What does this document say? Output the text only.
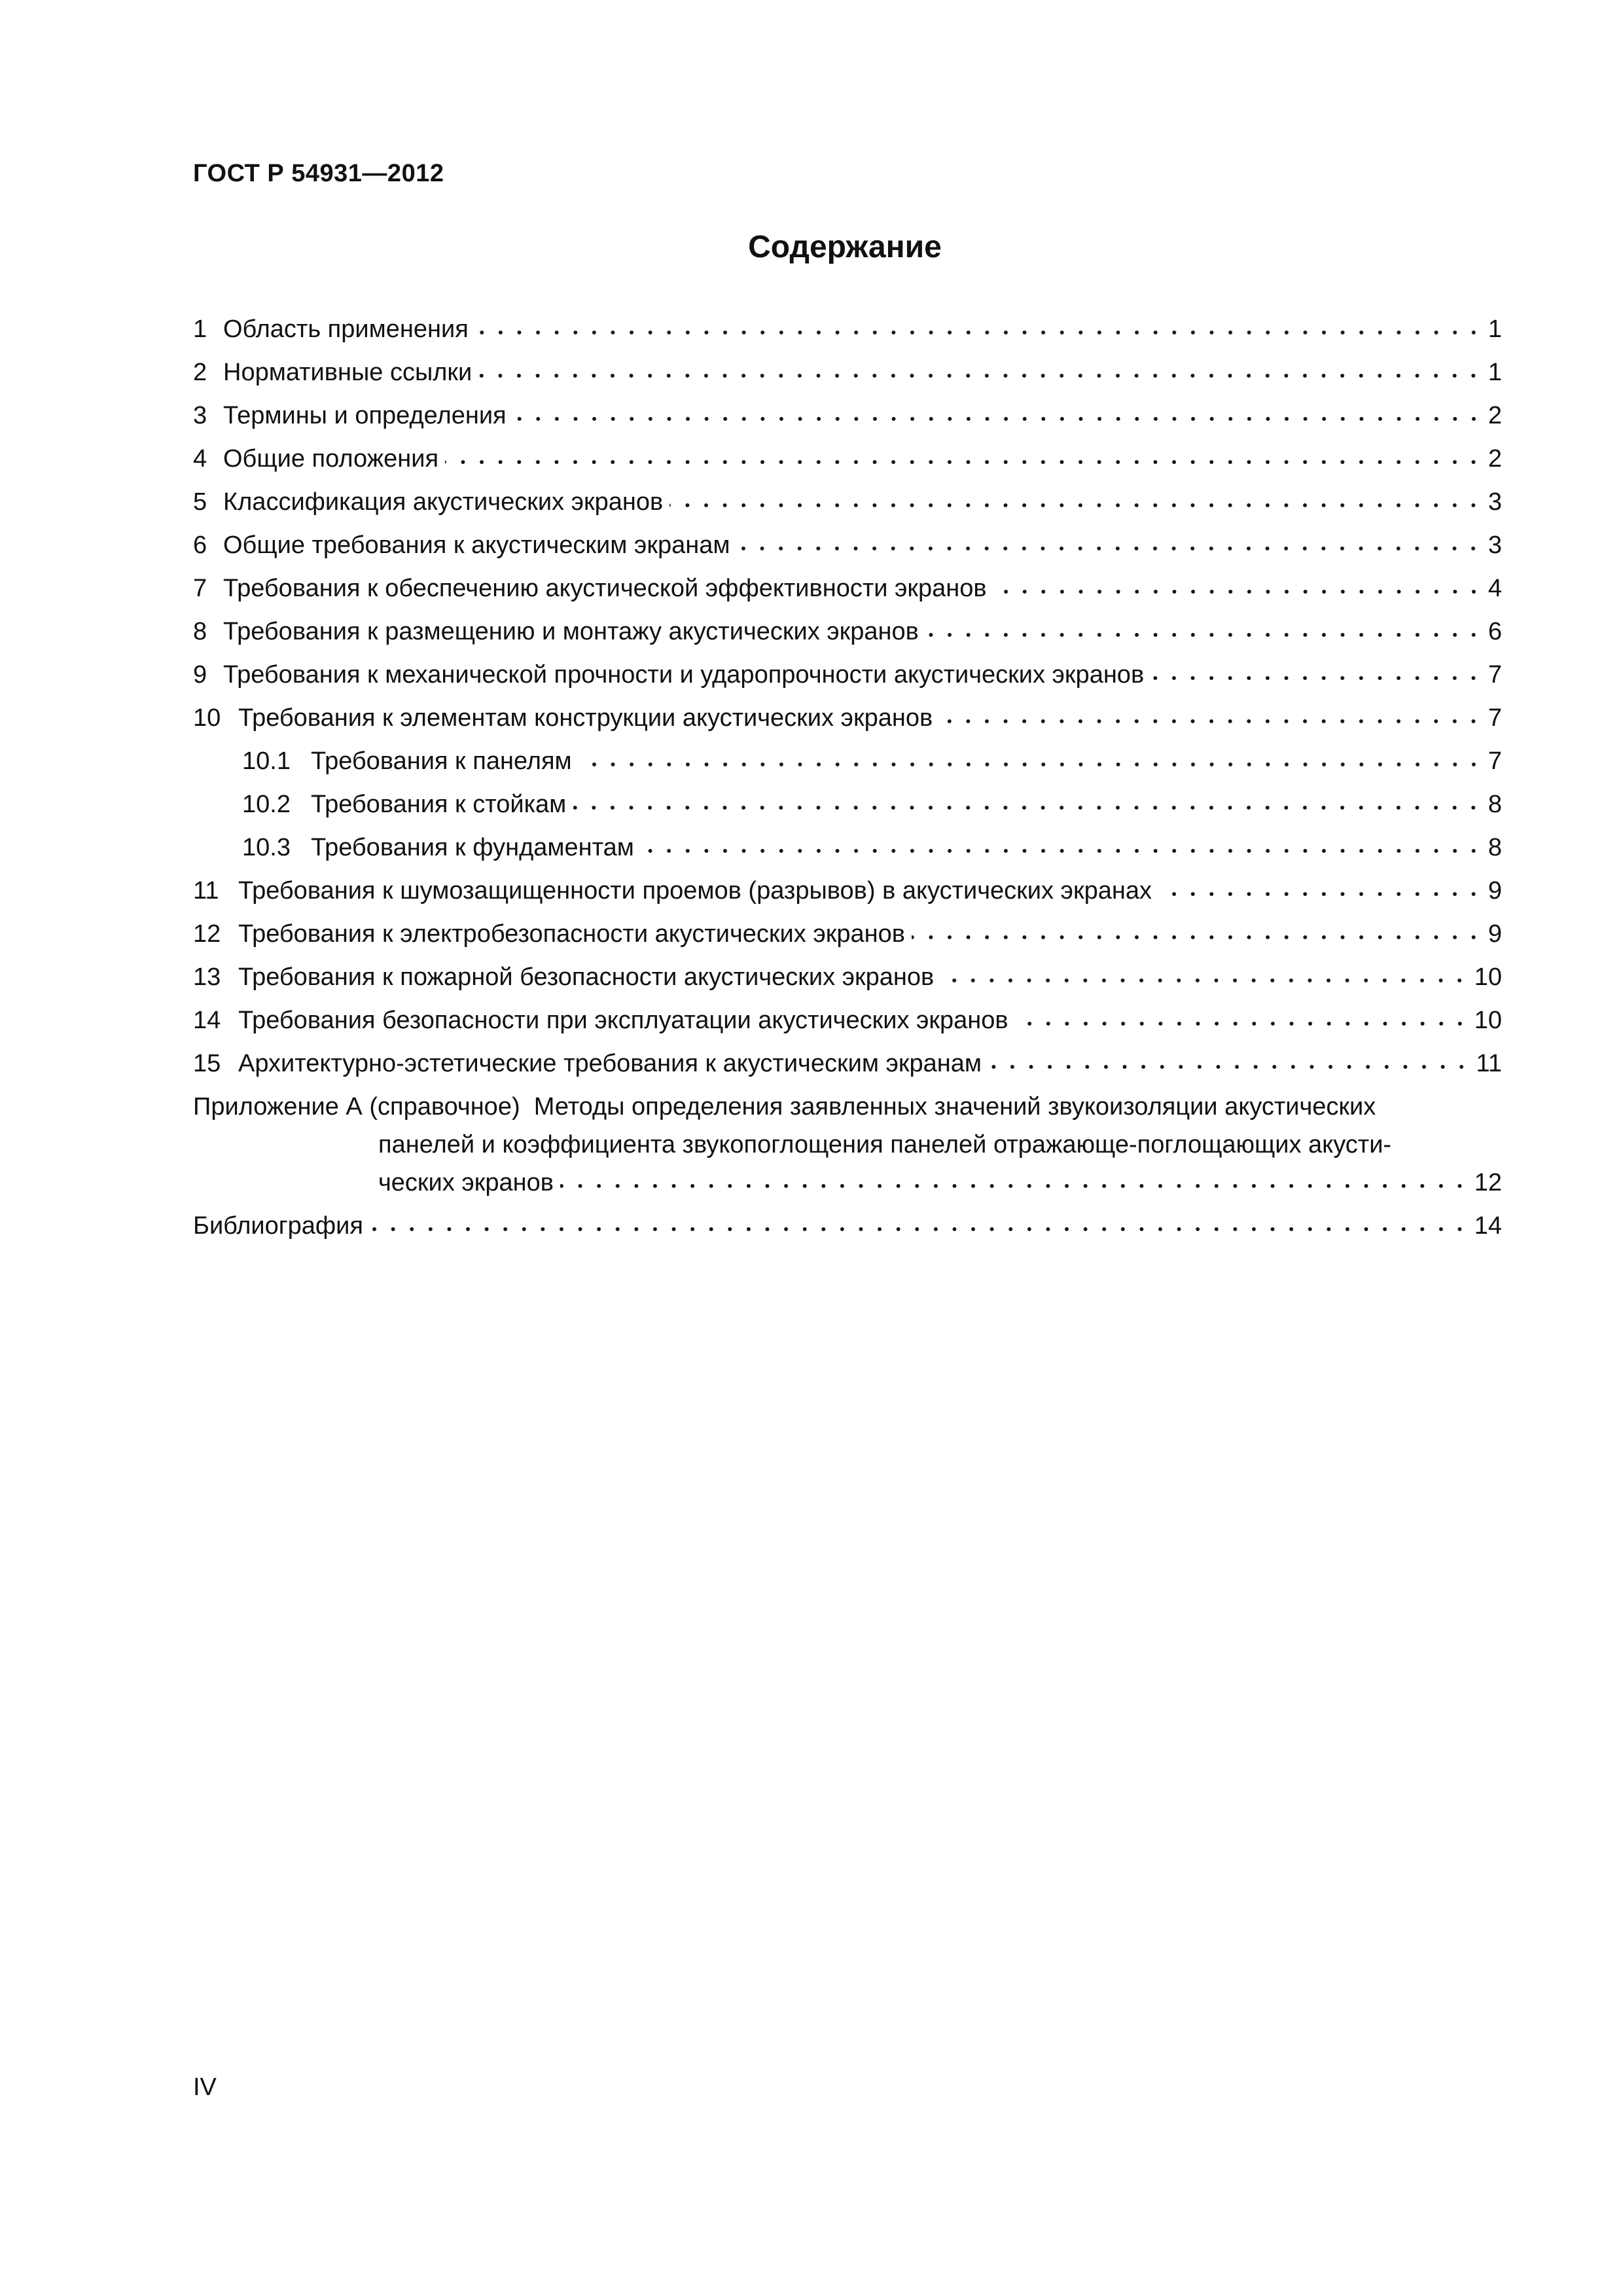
ГОСТ Р 54931—2012
Содержание
1 Область применения	1
2 Нормативные ссылки	1
3 Термины и определения	2
4 Общие положения	2
5 Классификация акустических экранов	3
6 Общие требования к акустическим экранам	3
7 Требования к обеспечению акустической эффективности экранов	4
8 Требования к размещению и монтажу акустических экранов	6
9 Требования к механической прочности и ударопрочности акустических экранов	7
10 Требования к элементам конструкции акустических экранов	7
10.1 Требования к панелям	7
10.2 Требования к стойкам	8
10.3 Требования к фундаментам	8
11 Требования к шумозащищенности проемов (разрывов) в акустических экранах	9
12 Требования к электробезопасности акустических экранов	9
13 Требования к пожарной безопасности акустических экранов	10
14 Требования безопасности при эксплуатации акустических экранов	10
15 Архитектурно-эстетические требования к акустическим экранам	11
Приложение А (справочное) Методы определения заявленных значений звукоизоляции акустических
панелей и коэффициента звукопоглощения панелей отражающе-поглощающих акусти-
ческих экранов	12
Библиография	14
IV
